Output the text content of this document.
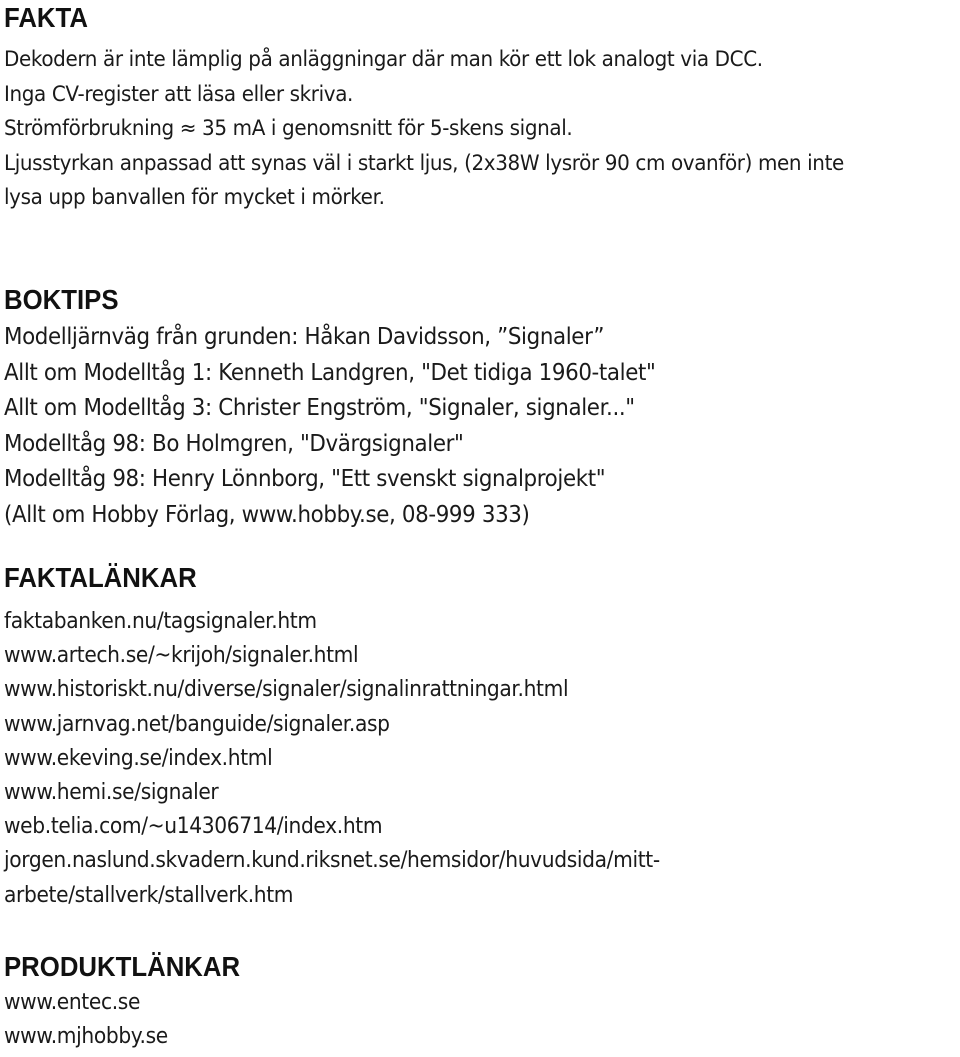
FAKTA
Dekodern är inte lämplig på anläggningar där man kör ett lok analogt via DCC.
Inga CV-register att läsa eller skriva.
Strömförbrukning ≈ 35 mA i genomsnitt för 5-skens signal.
Ljusstyrkan anpassad att synas väl i starkt ljus, (2x38W lysrör 90 cm ovanför) men inte
lysa upp banvallen för mycket i mörker.
BOKTIPS
Modelljärnväg från grunden: Håkan Davidsson, ”Signaler”
Allt om Modelltåg 1: Kenneth Landgren, "Det tidiga 1960-talet"
Allt om Modelltåg 3: Christer Engström, "Signaler, signaler..."
Modelltåg 98: Bo Holmgren, "Dvärgsignaler"
Modelltåg 98: Henry Lönnborg, "Ett svenskt signalprojekt"
(Allt om Hobby Förlag, www.hobby.se, 08-999 333)
FAKTALÄNKAR
faktabanken.nu/tagsignaler.htm
www.artech.se/~krijoh/signaler.html
www.historiskt.nu/diverse/signaler/signalinrattningar.html
www.jarnvag.net/banguide/signaler.asp
www.ekeving.se/index.html
www.hemi.se/signaler
web.telia.com/~u14306714/index.htm
jorgen.naslund.skvadern.kund.riksnet.se/hemsidor/huvudsida/mitt-
arbete/stallverk/stallverk.htm
PRODUKTLÄNKAR
www.entec.se
www.mjhobby.se
